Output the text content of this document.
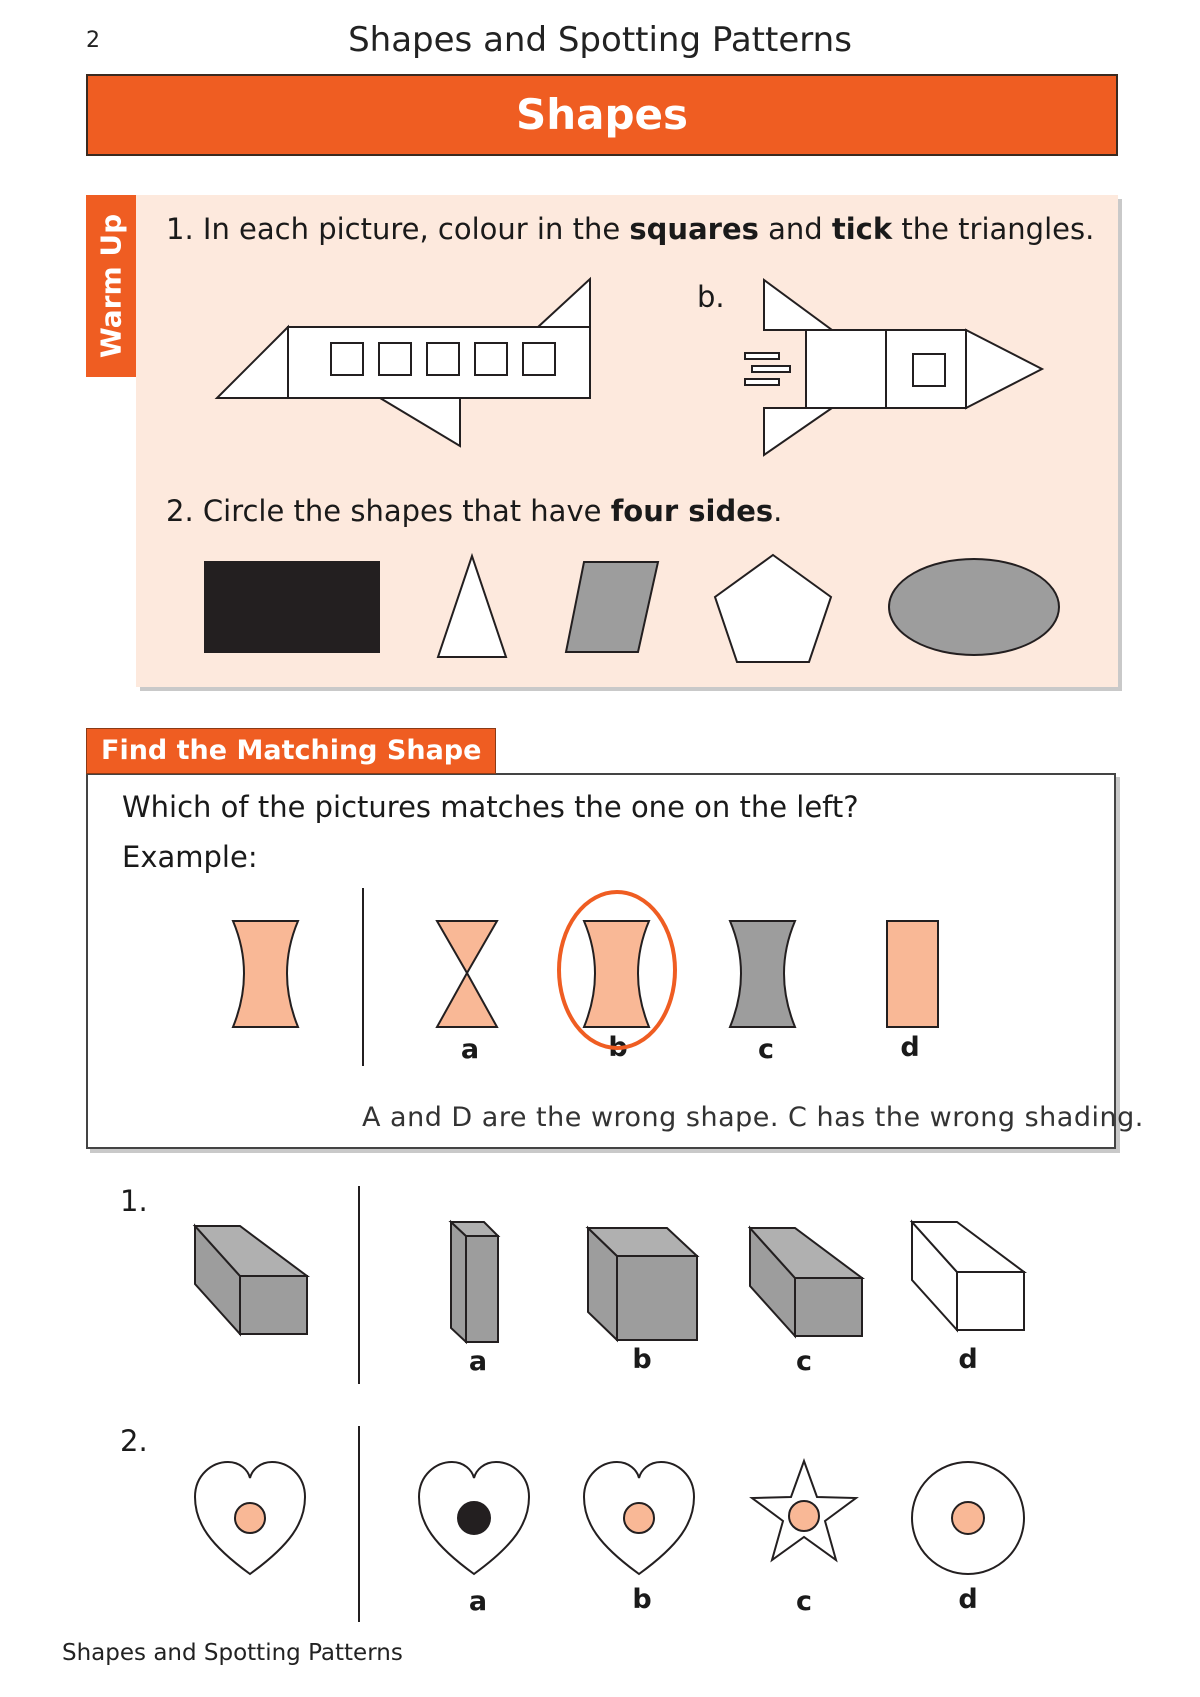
2	Shapes and Spotting Patterns
Shapes
Warm Up 1. In each picture, colour in the squares and tick the triangles.
b.
2. Circle the shapes that have four sides.
Find the Matching Shape
Which of the pictures matches the one on the left?
Example:
a	b	c	d
A and D are the wrong shape. C has the wrong shading.
1.
a	b	c	d
2.
a	b	c	d
Shapes and Spotting Patterns
